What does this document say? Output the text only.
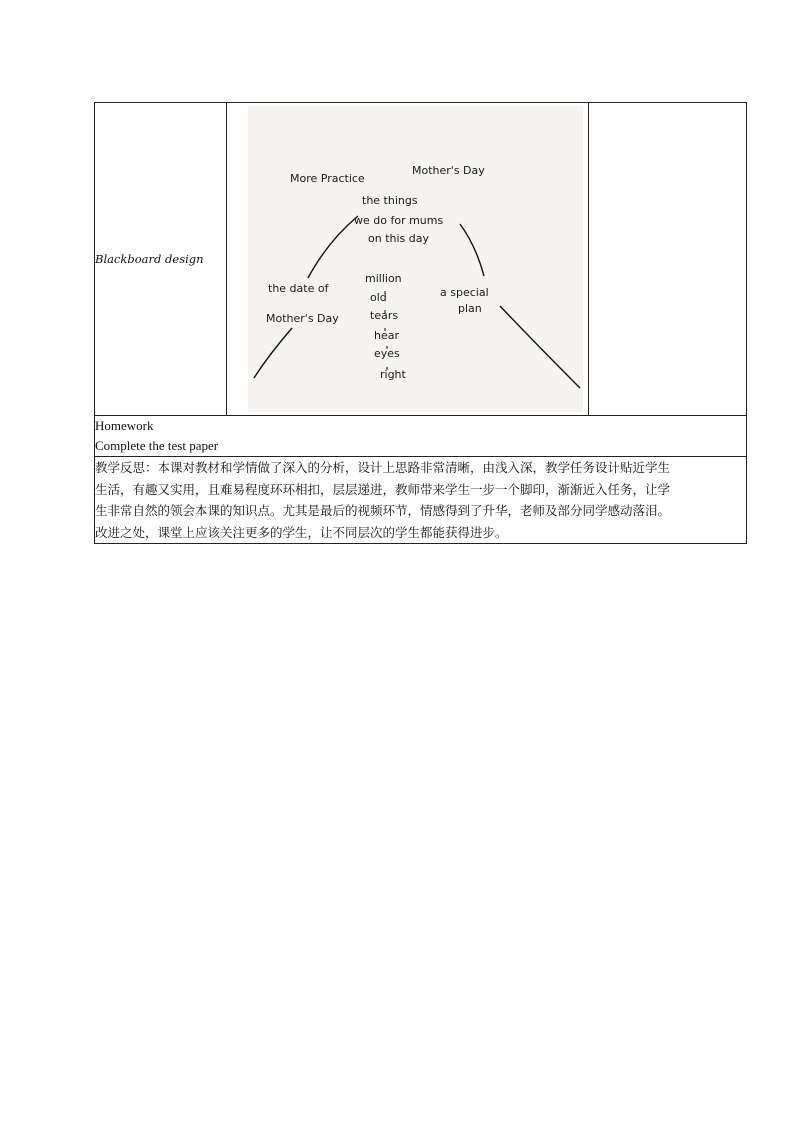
Blackboard design	
More Practice
Mother's Day
the things
we do for mums
on this day
the date of
Mother's Day
million
old
tears
hear
eyes
right
a special
plan

Homework
Complete the test paper

教学反思：本课对教材和学情做了深入的分析，设计上思路非常清晰，由浅入深，教学任务设计贴近学生
生活，有趣又实用，且难易程度环环相扣，层层递进，教师带来学生一步一个脚印，渐渐近入任务，让学
生非常自然的领会本课的知识点。尤其是最后的视频环节，情感得到了升华，老师及部分同学感动落泪。
改进之处，课堂上应该关注更多的学生，让不同层次的学生都能获得进步。
